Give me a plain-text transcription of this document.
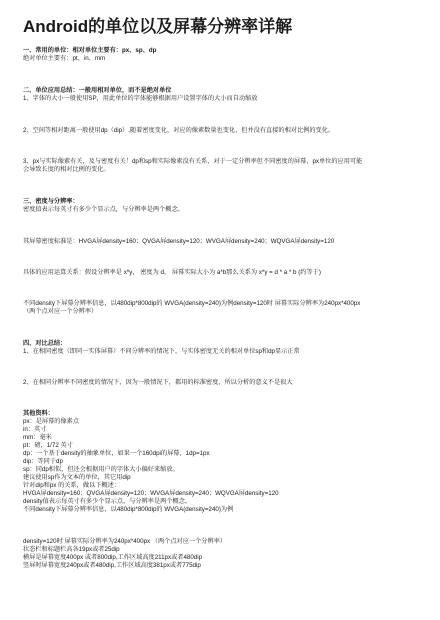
Android的单位以及屏幕分辨率详解
一、常用的单位：相对单位主要有：px、sp、dp
绝对单位主要有：pt、in、mm
二、单位应用总结：一般用相对单位，而不是绝对单位
1、字体的大小一般使用SP，用此单位的字体能够根据用户设置字体的大小而自动缩放
2、空间等相对距离一般使用dp（dip）,随着密度变化，对应的像素数量也变化，但并没有直接的相对比例的变化。
3、px与实际像素有关，及与密度有关！dp和sp和实际像素没有关系，对于一定分辨率但不同密度的屏幕，px单位的应用可能
会导致长度的相对比例的变化。
三、密度与分辨率：
密度值表示每英寸有多少个显示点，与分辨率是两个概念。
其屏幕密度标准是：HVGA屏density=160；QVGA屏density=120；WVGA屏density=240；WQVGA屏density=120
具体的应用运算关系：假设分辨率是 x*y， 密度为 d， 屏幕实际大小为 a*b那么关系为 x*y = d * a * b (约等于)
不同density下屏幕分辨率信息，以480dip*800dip的 WVGA(density=240)为例density=120时 屏幕实际分辨率为240px*400px
（两个点对应一个分辨率）
四、对比总结：
1、在相同密度（即同一实体屏幕）不同分辨率的情况下，与实体密度无关的相对单位sp和dp显示正常
2、在相同分辨率不同密度的情况下，因为一般情况下，都用的标准密度，所以分析的意义不是很大
其他资料：
px：是屏幕的像素点
in：英寸
mm：毫米
pt：磅，1/72 英寸
dp：一个基于density的抽象单位，如果一个160dpi的屏幕，1dp=1px
dip：等同于dp
sp：同dp相似，但还会根据用户的字体大小偏好来缩放。
建议使用sp作为文本的单位，其它用dip
针对dip和px 的关系，做以下概述：
HVGA屏density=160；QVGA屏density=120；WVGA屏density=240；WQVGA屏density=120
density值表示每英寸有多少个显示点，与分辨率是两个概念。
不同density下屏幕分辨率信息，以480dip*800dip的 WVGA(density=240)为例
density=120时 屏幕实际分辨率为240px*400px （两个点对应一个分辨率）
状态栏和标题栏高各19px或者25dip
横屏是屏幕宽度400px 或者800dip,工作区域高度211px或者480dip
竖屏时屏幕宽度240px或者480dip,工作区域高度381px或者775dip
